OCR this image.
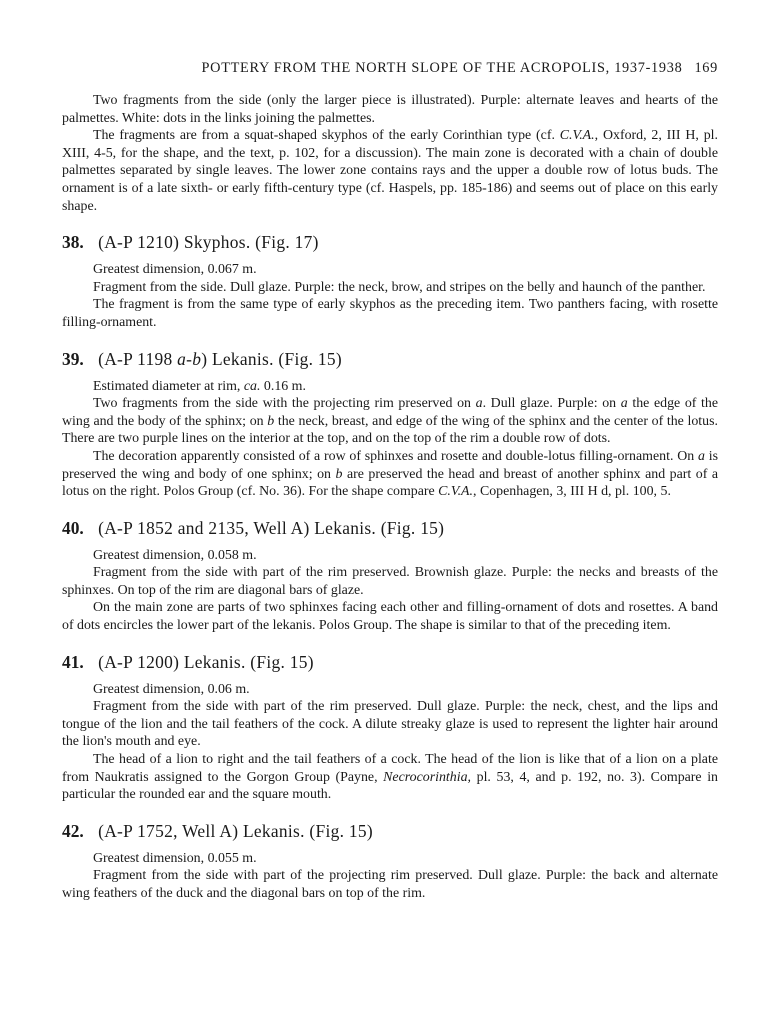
POTTERY FROM THE NORTH SLOPE OF THE ACROPOLIS, 1937-1938 169

Two fragments from the side (only the larger piece is illustrated). Purple: alternate leaves and hearts of the palmettes. White: dots in the links joining the palmettes.

The fragments are from a squat-shaped skyphos of the early Corinthian type (cf. C.V.A., Oxford, 2, III H, pl. XIII, 4-5, for the shape, and the text, p. 102, for a discussion). The main zone is decorated with a chain of double palmettes separated by single leaves. The lower zone contains rays and the upper a double row of lotus buds. The ornament is of a late sixth- or early fifth-century type (cf. Haspels, pp. 185-186) and seems out of place on this early shape.

38. (A-P 1210) Skyphos. (Fig. 17)

Greatest dimension, 0.067 m.

Fragment from the side. Dull glaze. Purple: the neck, brow, and stripes on the belly and haunch of the panther.

The fragment is from the same type of early skyphos as the preceding item. Two panthers facing, with rosette filling-ornament.

39. (A-P 1198 a-b) Lekanis. (Fig. 15)

Estimated diameter at rim, ca. 0.16 m.

Two fragments from the side with the projecting rim preserved on a. Dull glaze. Purple: on a the edge of the wing and the body of the sphinx; on b the neck, breast, and edge of the wing of the sphinx and the center of the lotus. There are two purple lines on the interior at the top, and on the top of the rim a double row of dots.

The decoration apparently consisted of a row of sphinxes and rosette and double-lotus filling-ornament. On a is preserved the wing and body of one sphinx; on b are preserved the head and breast of another sphinx and part of a lotus on the right. Polos Group (cf. No. 36). For the shape compare C.V.A., Copenhagen, 3, III H d, pl. 100, 5.

40. (A-P 1852 and 2135, Well A) Lekanis. (Fig. 15)

Greatest dimension, 0.058 m.

Fragment from the side with part of the rim preserved. Brownish glaze. Purple: the necks and breasts of the sphinxes. On top of the rim are diagonal bars of glaze.

On the main zone are parts of two sphinxes facing each other and filling-ornament of dots and rosettes. A band of dots encircles the lower part of the lekanis. Polos Group. The shape is similar to that of the preceding item.

41. (A-P 1200) Lekanis. (Fig. 15)

Greatest dimension, 0.06 m.

Fragment from the side with part of the rim preserved. Dull glaze. Purple: the neck, chest, and the lips and tongue of the lion and the tail feathers of the cock. A dilute streaky glaze is used to represent the lighter hair around the lion's mouth and eye.

The head of a lion to right and the tail feathers of a cock. The head of the lion is like that of a lion on a plate from Naukratis assigned to the Gorgon Group (Payne, Necrocorinthia, pl. 53, 4, and p. 192, no. 3). Compare in particular the rounded ear and the square mouth.

42. (A-P 1752, Well A) Lekanis. (Fig. 15)

Greatest dimension, 0.055 m.

Fragment from the side with part of the projecting rim preserved. Dull glaze. Purple: the back and alternate wing feathers of the duck and the diagonal bars on top of the rim.
